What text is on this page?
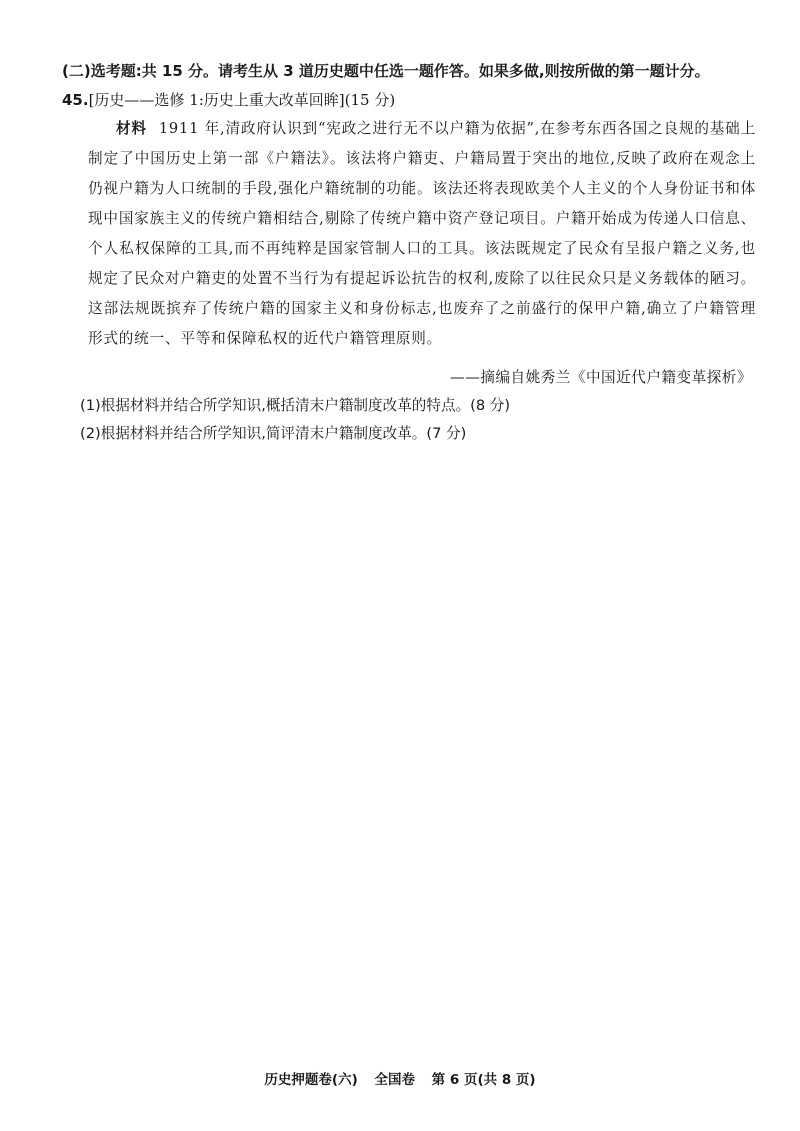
(二)选考题:共 15 分。请考生从 3 道历史题中任选一题作答。如果多做,则按所做的第一题计分。
45.[历史——选修 1:历史上重大改革回眸](15 分)
材料 1911 年,清政府认识到“宪政之进行无不以户籍为依据”,在参考东西各国之良规的基础上制定了中国历史上第一部《户籍法》。该法将户籍吏、户籍局置于突出的地位,反映了政府在观念上仍视户籍为人口统制的手段,强化户籍统制的功能。该法还将表现欧美个人主义的个人身份证书和体现中国家族主义的传统户籍相结合,剔除了传统户籍中资产登记项目。户籍开始成为传递人口信息、个人私权保障的工具,而不再纯粹是国家管制人口的工具。该法既规定了民众有呈报户籍之义务,也规定了民众对户籍吏的处置不当行为有提起诉讼抗告的权利,废除了以往民众只是义务载体的陋习。这部法规既摈弃了传统户籍的国家主义和身份标志,也废弃了之前盛行的保甲户籍,确立了户籍管理形式的统一、平等和保障私权的近代户籍管理原则。
——摘编自姚秀兰《中国近代户籍变革探析》
(1)根据材料并结合所学知识,概括清末户籍制度改革的特点。(8 分)
(2)根据材料并结合所学知识,简评清末户籍制度改革。(7 分)
历史押题卷(六) 全国卷 第 6 页(共 8 页)
